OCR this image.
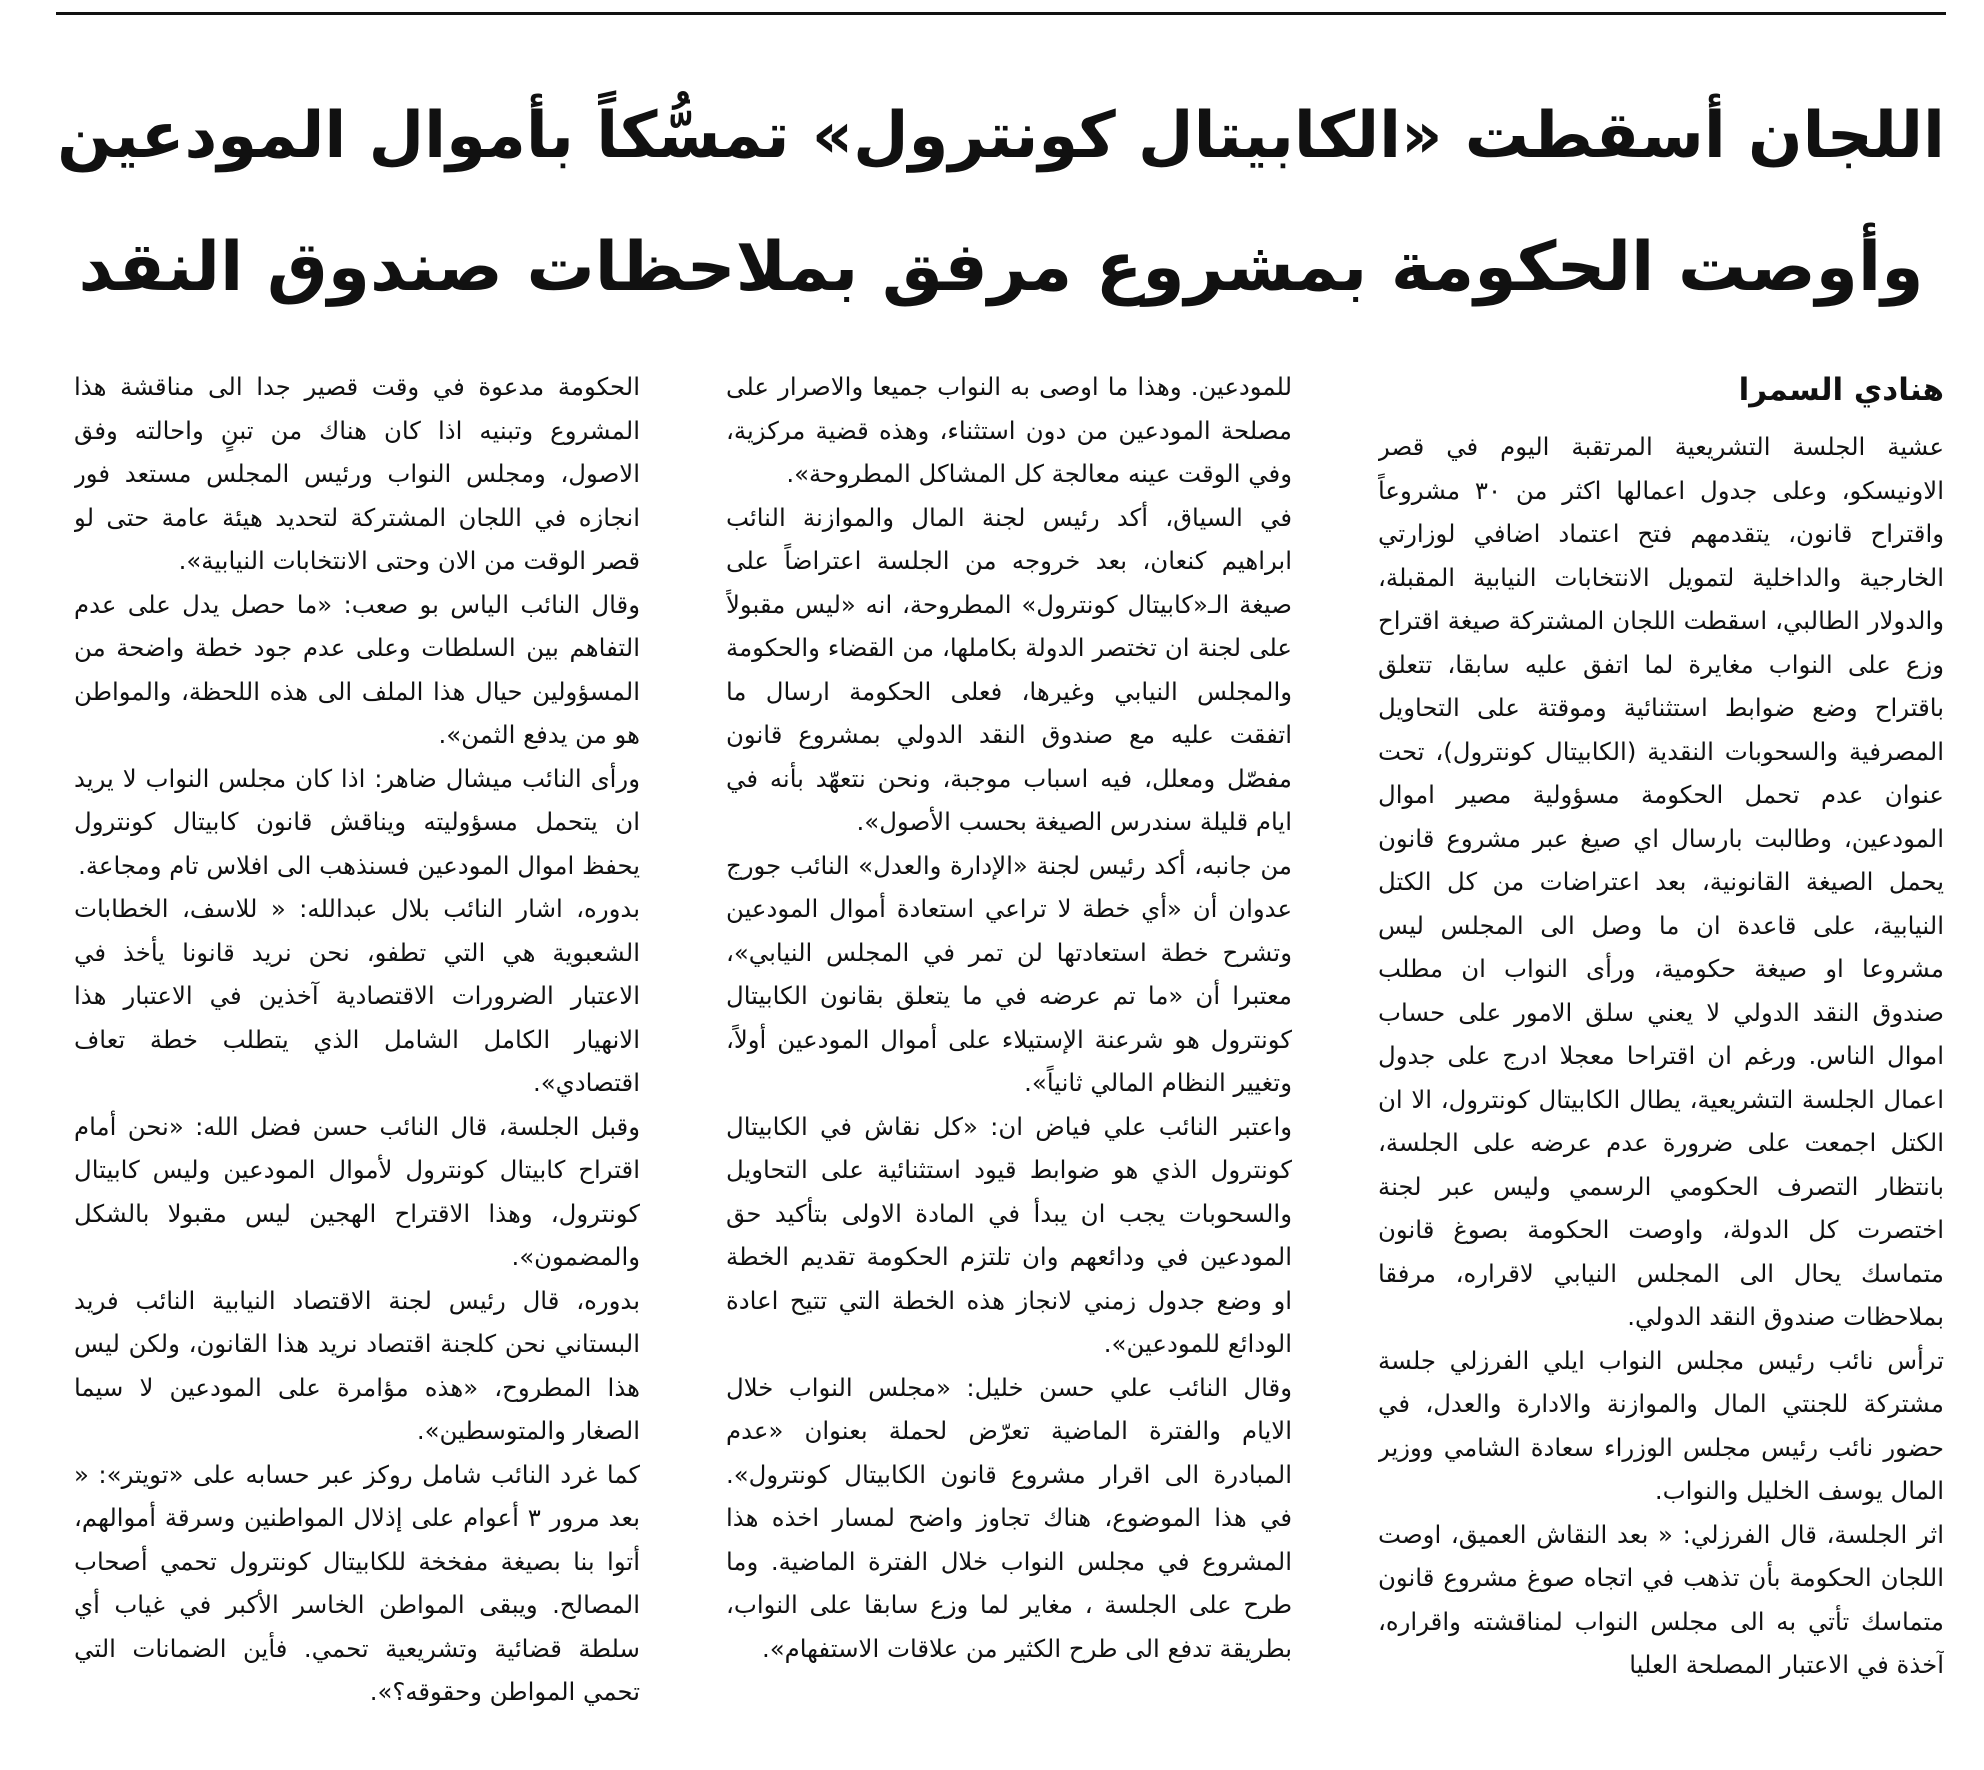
اللجان أسقطت «الكابيتال كونترول» تمسُّكاً بأموال المودعين
وأوصت الحكومة بمشروع مرفق بملاحظات صندوق النقد
هنادي السمرا

عشية الجلسة التشريعية المرتقبة اليوم في قصر الاونيسكو، وعلى جدول اعمالها اكثر من ٣٠ مشروعاً واقتراح قانون، يتقدمهم فتح اعتماد اضافي لوزارتي الخارجية والداخلية لتمويل الانتخابات النيابية المقبلة، والدولار الطالبي، اسقطت اللجان المشتركة صيغة اقتراح وزع على النواب مغايرة لما اتفق عليه سابقا، تتعلق باقتراح وضع ضوابط استثنائية وموقتة على التحاويل المصرفية والسحوبات النقدية (الكابيتال كونترول)، تحت عنوان عدم تحمل الحكومة مسؤولية مصير اموال المودعين، وطالبت بارسال اي صيغ عبر مشروع قانون يحمل الصيغة القانونية، بعد اعتراضات من كل الكتل النيابية، على قاعدة ان ما وصل الى المجلس ليس مشروعا او صيغة حكومية، ورأى النواب ان مطلب صندوق النقد الدولي لا يعني سلق الامور على حساب اموال الناس. ورغم ان اقتراحا معجلا ادرج على جدول اعمال الجلسة التشريعية، يطال الكابيتال كونترول، الا ان الكتل اجمعت على ضرورة عدم عرضه على الجلسة، بانتظار التصرف الحكومي الرسمي وليس عبر لجنة اختصرت كل الدولة، واوصت الحكومة بصوغ قانون متماسك يحال الى المجلس النيابي لاقراره، مرفقا بملاحظات صندوق النقد الدولي.

ترأس نائب رئيس مجلس النواب ايلي الفرزلي جلسة مشتركة للجنتي المال والموازنة والادارة والعدل، في حضور نائب رئيس مجلس الوزراء سعادة الشامي ووزير المال يوسف الخليل والنواب.

اثر الجلسة، قال الفرزلي: « بعد النقاش العميق، اوصت اللجان الحكومة بأن تذهب في اتجاه صوغ مشروع قانون متماسك تأتي به الى مجلس النواب لمناقشته واقراره، آخذة في الاعتبار المصلحة العليا

للمودعين. وهذا ما اوصى به النواب جميعا والاصرار على مصلحة المودعين من دون استثناء، وهذه قضية مركزية، وفي الوقت عينه معالجة كل المشاكل المطروحة».

في السياق، أكد رئيس لجنة المال والموازنة النائب ابراهيم كنعان، بعد خروجه من الجلسة اعتراضاً على صيغة الـ«كابيتال كونترول» المطروحة، انه «ليس مقبولاً على لجنة ان تختصر الدولة بكاملها، من القضاء والحكومة والمجلس النيابي وغيرها، فعلى الحكومة ارسال ما اتفقت عليه مع صندوق النقد الدولي بمشروع قانون مفصّل ومعلل، فيه اسباب موجبة، ونحن نتعهّد بأنه في ايام قليلة سندرس الصيغة بحسب الأصول».

من جانبه، أكد رئيس لجنة «الإدارة والعدل» النائب جورج عدوان أن «أي خطة لا تراعي استعادة أموال المودعين وتشرح خطة استعادتها لن تمر في المجلس النيابي»، معتبرا أن «ما تم عرضه في ما يتعلق بقانون الكابيتال كونترول هو شرعنة الإستيلاء على أموال المودعين أولاً، وتغيير النظام المالي ثانياً».

واعتبر النائب علي فياض ان: «كل نقاش في الكابيتال كونترول الذي هو ضوابط قيود استثنائية على التحاويل والسحوبات يجب ان يبدأ في المادة الاولى بتأكيد حق المودعين في ودائعهم وان تلتزم الحكومة تقديم الخطة او وضع جدول زمني لانجاز هذه الخطة التي تتيح اعادة الودائع للمودعين».

وقال النائب علي حسن خليل: «مجلس النواب خلال الايام والفترة الماضية تعرّض لحملة بعنوان «عدم المبادرة الى اقرار مشروع قانون الكابيتال كونترول». في هذا الموضوع، هناك تجاوز واضح لمسار اخذه هذا المشروع في مجلس النواب خلال الفترة الماضية. وما طرح على الجلسة ، مغاير لما وزع سابقا على النواب، بطريقة تدفع الى طرح الكثير من علاقات الاستفهام».

الحكومة مدعوة في وقت قصير جدا الى مناقشة هذا المشروع وتبنيه اذا كان هناك من تبنٍ واحالته وفق الاصول، ومجلس النواب ورئيس المجلس مستعد فور انجازه في اللجان المشتركة لتحديد هيئة عامة حتى لو قصر الوقت من الان وحتى الانتخابات النيابية».

وقال النائب الياس بو صعب: «ما حصل يدل على عدم التفاهم بين السلطات وعلى عدم جود خطة واضحة من المسؤولين حيال هذا الملف الى هذه اللحظة، والمواطن هو من يدفع الثمن».

ورأى النائب ميشال ضاهر: اذا كان مجلس النواب لا يريد ان يتحمل مسؤوليته ويناقش قانون كابيتال كونترول يحفظ اموال المودعين فسنذهب الى افلاس تام ومجاعة.

بدوره، اشار النائب بلال عبدالله: « للاسف، الخطابات الشعبوية هي التي تطفو، نحن نريد قانونا يأخذ في الاعتبار الضرورات الاقتصادية آخذين في الاعتبار هذا الانهيار الكامل الشامل الذي يتطلب خطة تعاف اقتصادي».

وقبل الجلسة، قال النائب حسن فضل الله: «نحن أمام اقتراح كابيتال كونترول لأموال المودعين وليس كابيتال كونترول، وهذا الاقتراح الهجين ليس مقبولا بالشكل والمضمون».

بدوره، قال رئيس لجنة الاقتصاد النيابية النائب فريد البستاني نحن كلجنة اقتصاد نريد هذا القانون، ولكن ليس هذا المطروح، «هذه مؤامرة على المودعين لا سيما الصغار والمتوسطين».

كما غرد النائب شامل روكز عبر حسابه على «تويتر»: « بعد مرور ٣ أعوام على إذلال المواطنين وسرقة أموالهم، أتوا بنا بصيغة مفخخة للكابيتال كونترول تحمي أصحاب المصالح. ويبقى المواطن الخاسر الأكبر في غياب أي سلطة قضائية وتشريعية تحمي. فأين الضمانات التي تحمي المواطن وحقوقه؟».
